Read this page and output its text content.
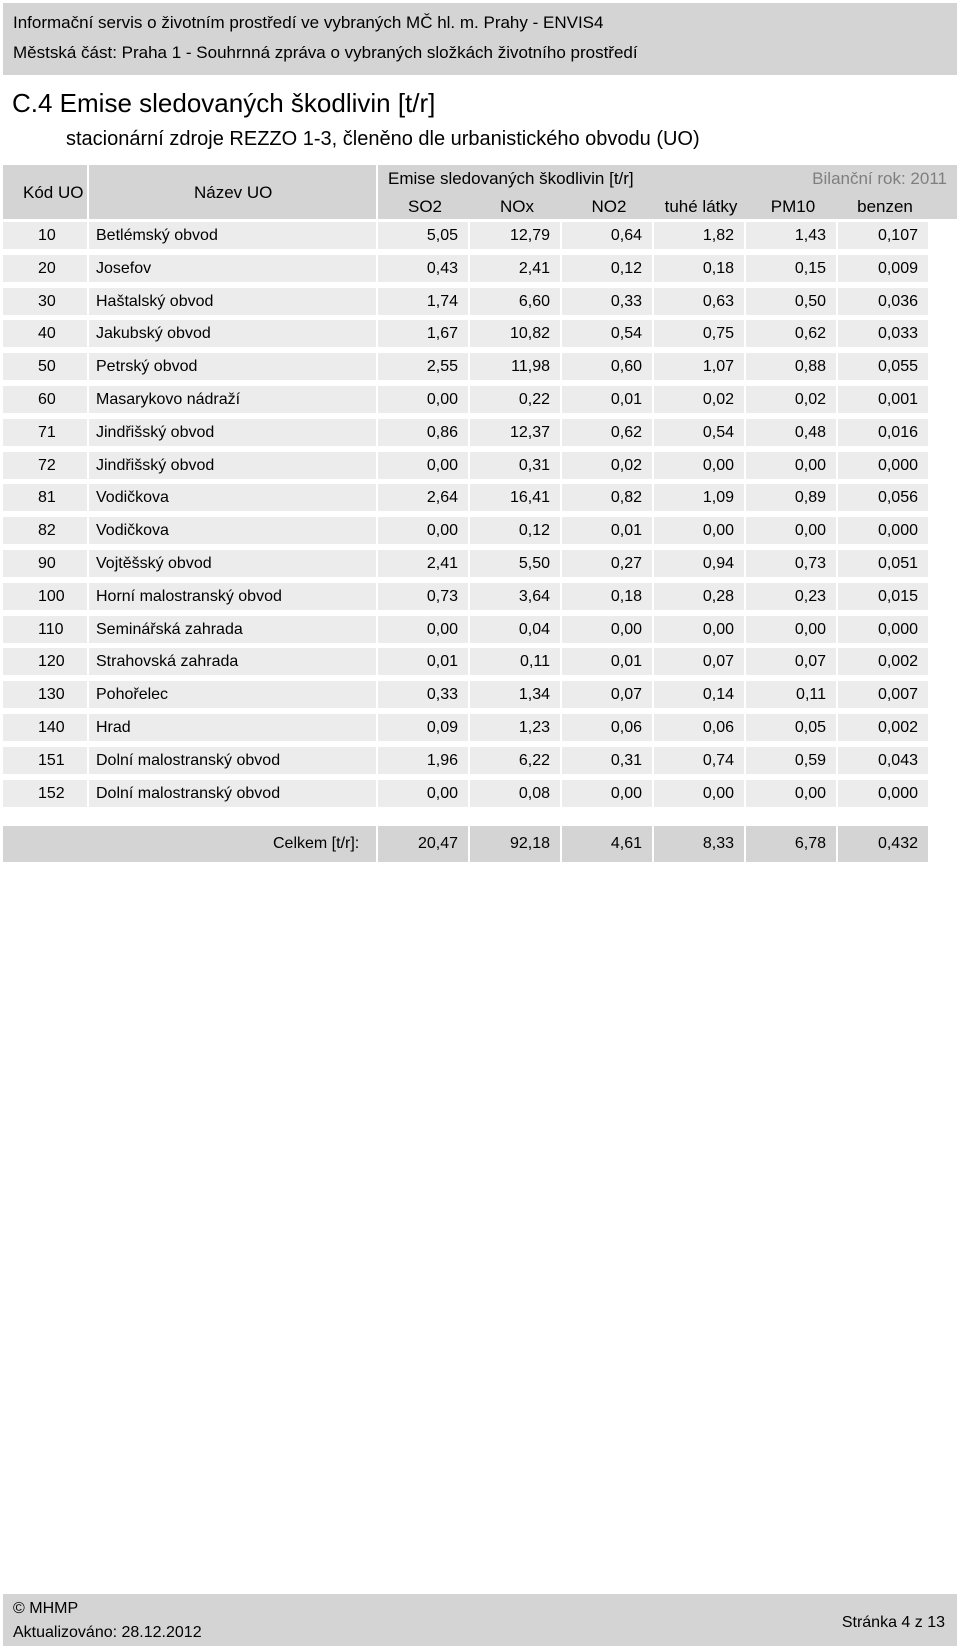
Informační servis o životním prostředí ve vybraných MČ hl. m. Prahy - ENVIS4
Městská část: Praha 1 - Souhrnná zpráva o vybraných složkách životního prostředí
C.4 Emise sledovaných škodlivin [t/r]
stacionární zdroje REZZO 1-3, členěno dle urbanistického obvodu (UO)
Kód UO	Název UO
Emise sledovaných škodlivin [t/r]	Bilanční rok: 2011
SO2	NOx	NO2	tuhé látky	PM10	benzen
10	Betlémský obvod	5,05	12,79	0,64	1,82	1,43	0,107
20	Josefov	0,43	2,41	0,12	0,18	0,15	0,009
30	Haštalský obvod	1,74	6,60	0,33	0,63	0,50	0,036
40	Jakubský obvod	1,67	10,82	0,54	0,75	0,62	0,033
50	Petrský obvod	2,55	11,98	0,60	1,07	0,88	0,055
60	Masarykovo nádraží	0,00	0,22	0,01	0,02	0,02	0,001
71	Jindřišský obvod	0,86	12,37	0,62	0,54	0,48	0,016
72	Jindřišský obvod	0,00	0,31	0,02	0,00	0,00	0,000
81	Vodičkova	2,64	16,41	0,82	1,09	0,89	0,056
82	Vodičkova	0,00	0,12	0,01	0,00	0,00	0,000
90	Vojtěšský obvod	2,41	5,50	0,27	0,94	0,73	0,051
100 Horní malostranský obvod	0,73	3,64	0,18	0,28	0,23	0,015
110 Seminářská zahrada	0,00	0,04	0,00	0,00	0,00	0,000
120 Strahovská zahrada	0,01	0,11	0,01	0,07	0,07	0,002
130 Pohořelec	0,33	1,34	0,07	0,14	0,11	0,007
140 Hrad	0,09	1,23	0,06	0,06	0,05	0,002
151 Dolní malostranský obvod	1,96	6,22	0,31	0,74	0,59	0,043
152 Dolní malostranský obvod	0,00	0,08	0,00	0,00	0,00	0,000
Celkem [t/r]:	20,47	92,18	4,61	8,33	6,78	0,432
© MHMP
Aktualizováno: 28.12.2012
Stránka 4 z 13
